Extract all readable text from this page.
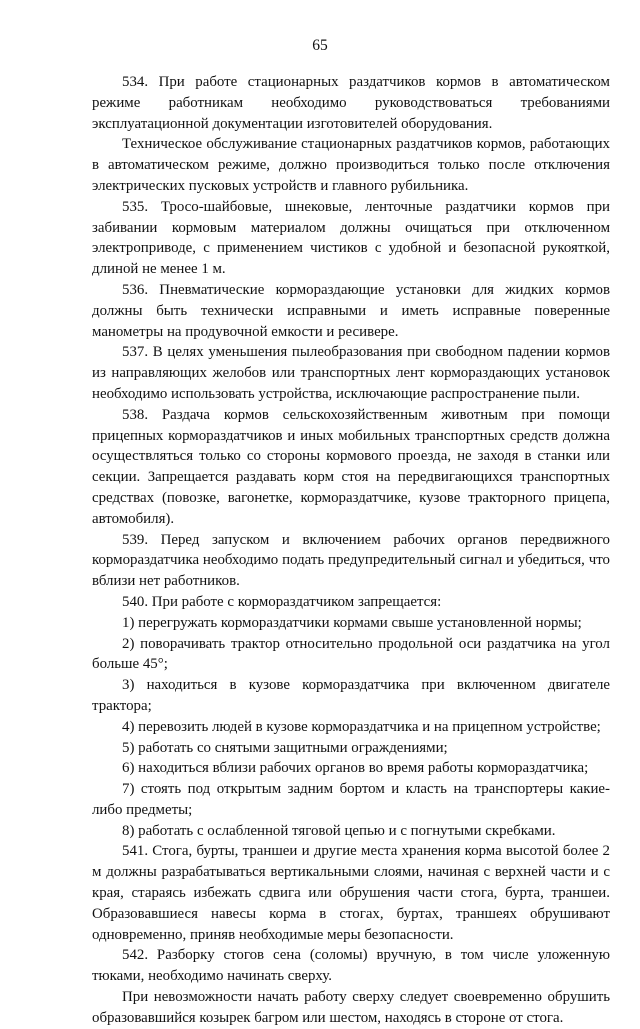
65

534. При работе стационарных раздатчиков кормов в автоматическом режиме работникам необходимо руководствоваться требованиями эксплуатационной документации изготовителей оборудования.

Техническое обслуживание стационарных раздатчиков кормов, работающих в автоматическом режиме, должно производиться только после отключения электрических пусковых устройств и главного рубильника.

535. Тросо-шайбовые, шнековые, ленточные раздатчики кормов при забивании кормовым материалом должны очищаться при отключенном электроприводе, с применением чистиков с удобной и безопасной рукояткой, длиной не менее 1 м.

536. Пневматические кормораздающие установки для жидких кормов должны быть технически исправными и иметь исправные поверенные манометры на продувочной емкости и ресивере.

537. В целях уменьшения пылеобразования при свободном падении кормов из направляющих желобов или транспортных лент кормораздающих установок необходимо использовать устройства, исключающие распространение пыли.

538. Раздача кормов сельскохозяйственным животным при помощи прицепных кормораздатчиков и иных мобильных транспортных средств должна осуществляться только со стороны кормового проезда, не заходя в станки или секции. Запрещается раздавать корм стоя на передвигающихся транспортных средствах (повозке, вагонетке, кормораздатчике, кузове тракторного прицепа, автомобиля).

539. Перед запуском и включением рабочих органов передвижного кормораздатчика необходимо подать предупредительный сигнал и убедиться, что вблизи нет работников.

540. При работе с кормораздатчиком запрещается:

1) перегружать кормораздатчики кормами свыше установленной нормы;

2) поворачивать трактор относительно продольной оси раздатчика на угол больше 45°;

3) находиться в кузове кормораздатчика при включенном двигателе трактора;

4) перевозить людей в кузове кормораздатчика и на прицепном устройстве;

5) работать со снятыми защитными ограждениями;

6) находиться вблизи рабочих органов во время работы кормораздатчика;

7) стоять под открытым задним бортом и класть на транспортеры какие-либо предметы;

8) работать с ослабленной тяговой цепью и с погнутыми скребками.

541. Стога, бурты, траншеи и другие места хранения корма высотой более 2 м должны разрабатываться вертикальными слоями, начиная с верхней части и с края, стараясь избежать сдвига или обрушения части стога, бурта, траншеи. Образовавшиеся навесы корма в стогах, буртах, траншеях обрушивают одновременно, приняв необходимые меры безопасности.

542. Разборку стогов сена (соломы) вручную, в том числе уложенную тюками, необходимо начинать сверху.

При невозможности начать работу сверху следует своевременно обрушить образовавшийся козырек багром или шестом, находясь в стороне от стога.
